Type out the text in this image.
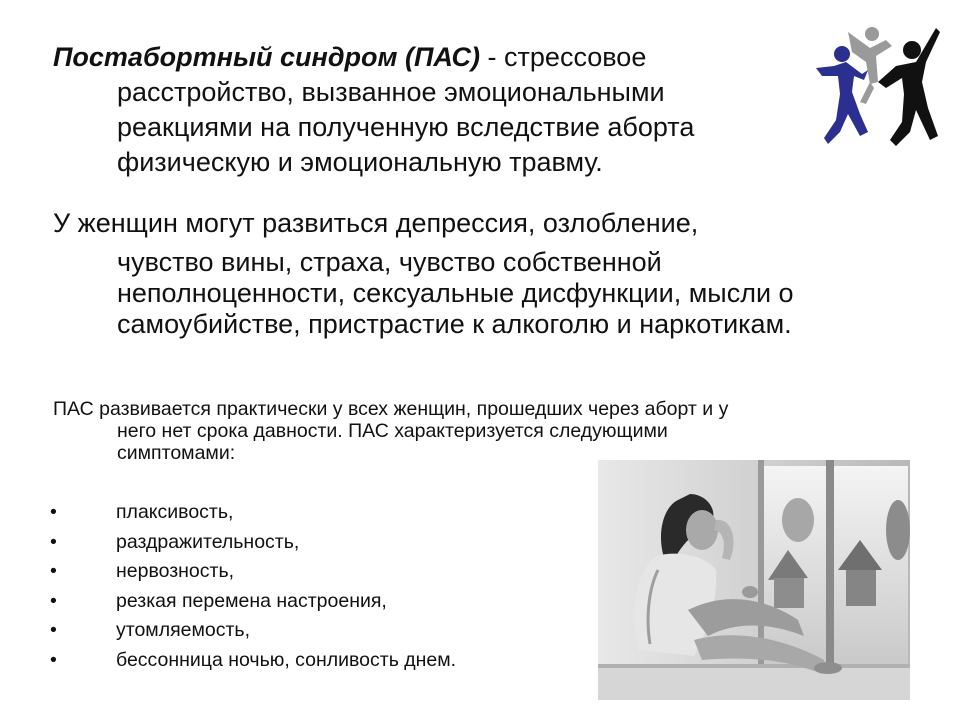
Постабортный синдром (ПАС) - стрессовое
расстройство, вызванное эмоциональными
реакциями на полученную вследствие аборта
физическую и эмоциональную травму.

У женщин могут развиться депрессия, озлобление,
чувство вины, страха, чувство собственной
неполноценности, сексуальные дисфункции, мысли о
самоубийстве, пристрастие к алкоголю и наркотикам.

ПАС развивается практически у всех женщин, прошедших через аборт и у
него нет срока давности. ПАС характеризуется следующими
симптомами:

•	плаксивость,
•	раздражительность,
•	нервозность,
•	резкая перемена настроения,
•	утомляемость,
•	бессонница ночью, сонливость днем.
